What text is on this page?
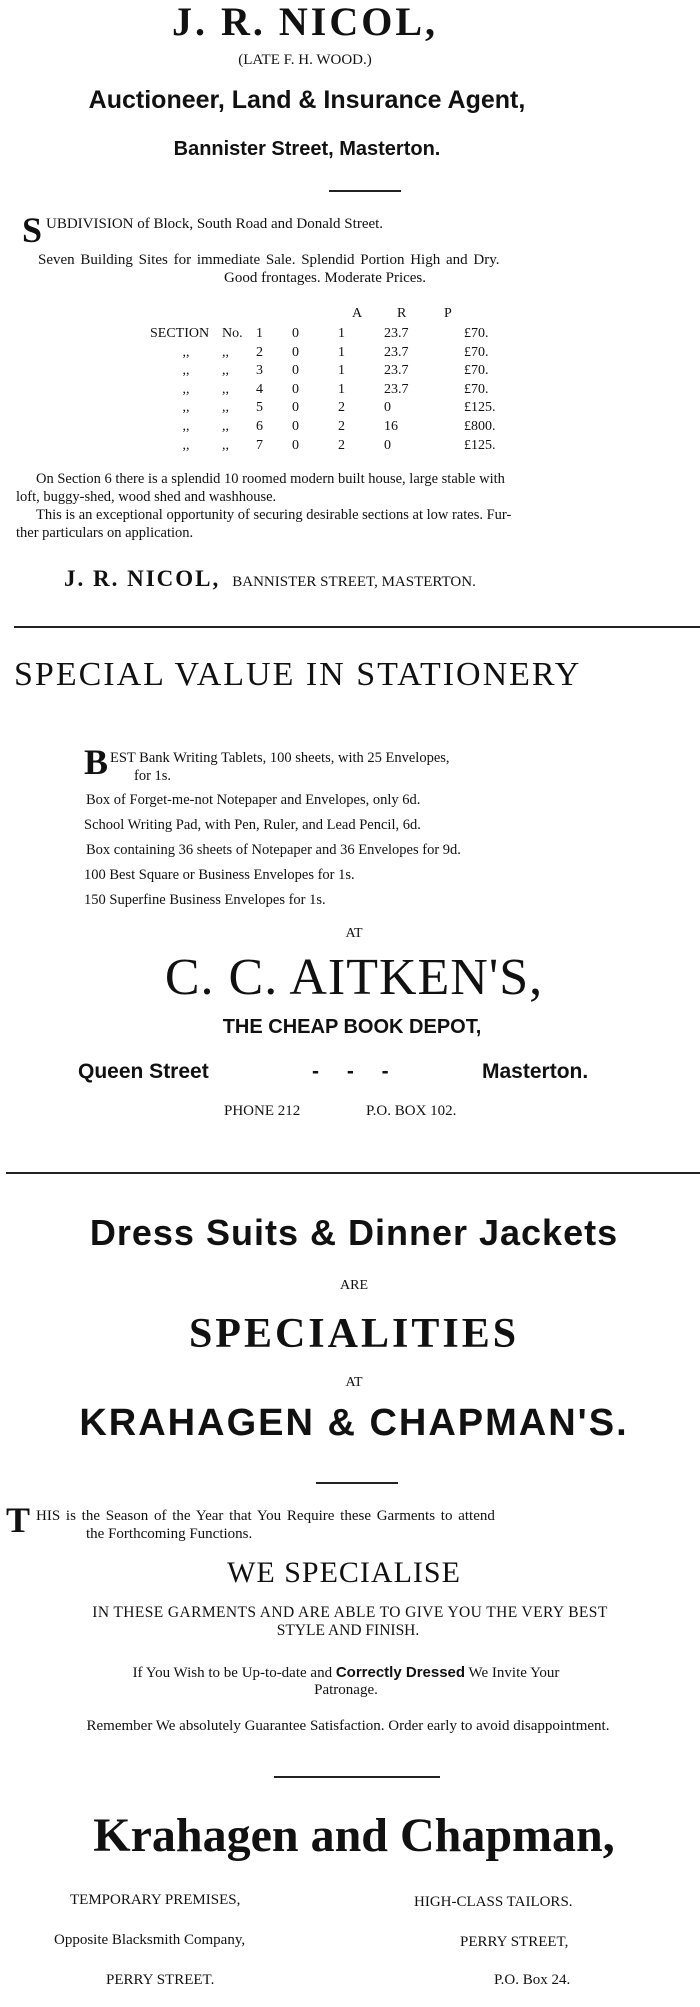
J. R. NICOL,
(LATE F. H. WOOD.)
Auctioneer, Land & Insurance Agent,
Bannister Street, Masterton.
S UBDIVISION of Block, South Road and Donald Street.
Seven Building Sites for immediate Sale. Splendid Portion High and Dry.
Good frontages. Moderate Prices.
A R	P
SECTION	No.	1	0	1	23.7	£70.
,,	,,	2	0	1	23.7	£70.
,,	,,	3	0	1	23.7	£70.
,,	,,	4	0	1	23.7	£70.
,,	,,	5	0	2	0	£125.
,,	,,	6	0	2	16	£800.
,,	,,	7	0	2	0	£125.
On Section 6 there is a splendid 10 roomed modern built house, large stable with
loft, buggy-shed, wood shed and washhouse.
This is an exceptional opportunity of securing desirable sections at low rates. Fur-
ther particulars on application.
J. R. NICOL, BANNISTER STREET, MASTERTON.
SPECIAL VALUE IN STATIONERY
B EST Bank Writing Tablets, 100 sheets, with 25 Envelopes,
for 1s.
Box of Forget-me-not Notepaper and Envelopes, only 6d.
School Writing Pad, with Pen, Ruler, and Lead Pencil, 6d.
Box containing 36 sheets of Notepaper and 36 Envelopes for 9d.
100 Best Square or Business Envelopes for 1s.
150 Superfine Business Envelopes for 1s.
AT
C. C. AITKEN'S,
THE CHEAP BOOK DEPOT,
Queen Street	- - -	Masterton.
PHONE 212	P.O. BOX 102.
Dress Suits & Dinner Jackets
ARE
SPECIALITIES
AT
KRAHAGEN & CHAPMAN'S.
T HIS is the Season of the Year that You Require these Garments to attend
the Forthcoming Functions.
WE SPECIALISE
IN THESE GARMENTS AND ARE ABLE TO GIVE YOU THE VERY BEST
STYLE AND FINISH.
If You Wish to be Up-to-date and Correctly Dressed We Invite Your
Patronage.
Remember We absolutely Guarantee Satisfaction. Order early to avoid disappointment.
Krahagen and Chapman,
TEMPORARY PREMISES,
Opposite Blacksmith Company,
PERRY STREET.
HIGH-CLASS TAILORS.
PERRY STREET,
P.O. Box 24.
